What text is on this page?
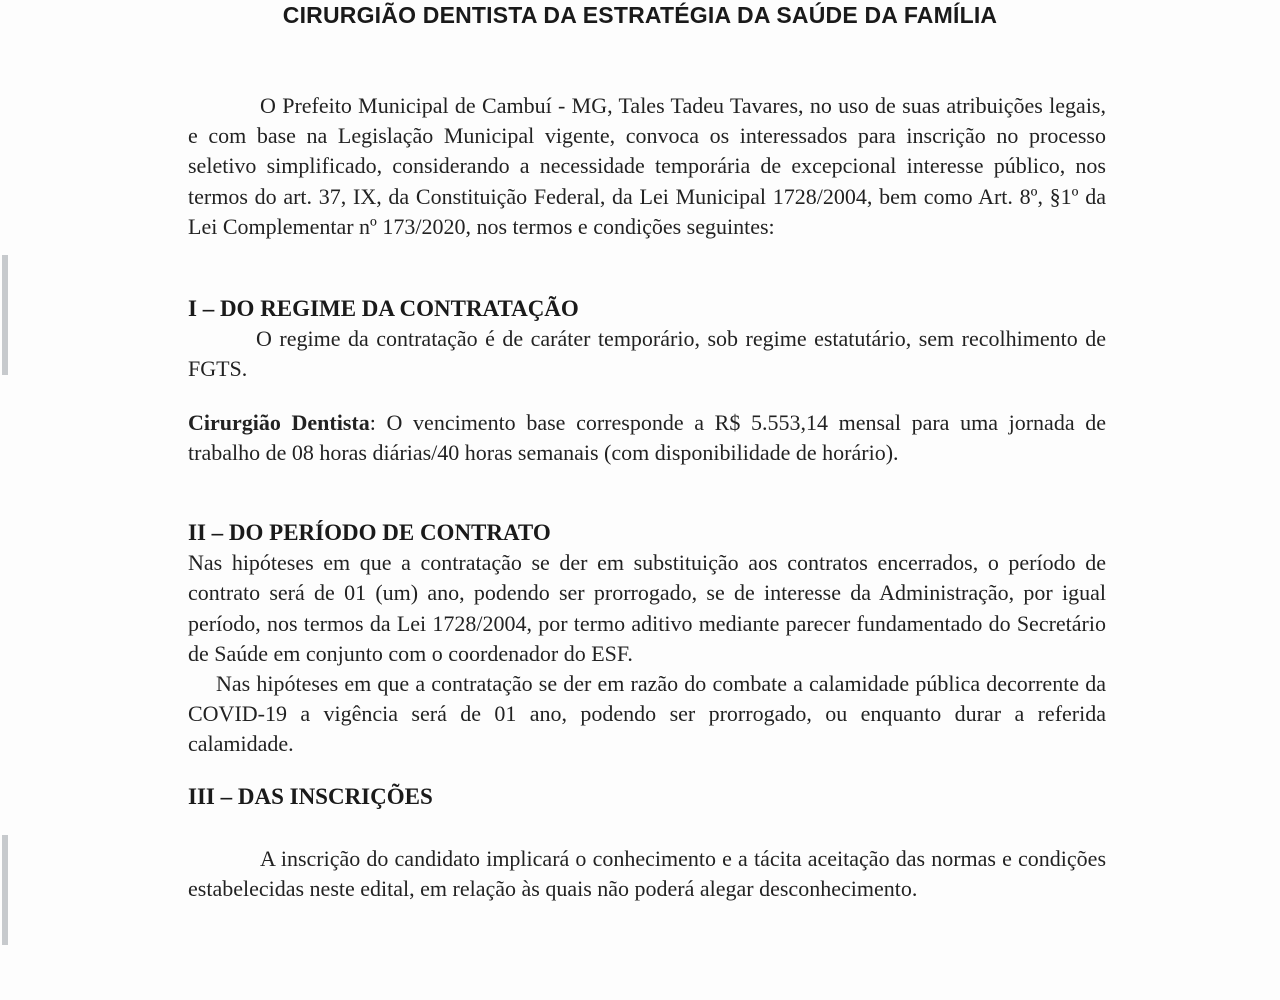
CIRURGIÃO DENTISTA DA ESTRATÉGIA DA SAÚDE DA FAMÍLIA

O Prefeito Municipal de Cambuí - MG, Tales Tadeu Tavares, no uso de suas atribuições legais, e com base na Legislação Municipal vigente, convoca os interessados para inscrição no processo seletivo simplificado, considerando a necessidade temporária de excepcional interesse público, nos termos do art. 37, IX, da Constituição Federal, da Lei Municipal 1728/2004, bem como Art. 8º, §1º da Lei Complementar nº 173/2020, nos termos e condições seguintes:

I – DO REGIME DA CONTRATAÇÃO

O regime da contratação é de caráter temporário, sob regime estatutário, sem recolhimento de FGTS.

Cirurgião Dentista: O vencimento base corresponde a R$ 5.553,14 mensal para uma jornada de trabalho de 08 horas diárias/40 horas semanais (com disponibilidade de horário).

II – DO PERÍODO DE CONTRATO

Nas hipóteses em que a contratação se der em substituição aos contratos encerrados, o período de contrato será de 01 (um) ano, podendo ser prorrogado, se de interesse da Administração, por igual período, nos termos da Lei 1728/2004, por termo aditivo mediante parecer fundamentado do Secretário de Saúde em conjunto com o coordenador do ESF.

Nas hipóteses em que a contratação se der em razão do combate a calamidade pública decorrente da COVID-19 a vigência será de 01 ano, podendo ser prorrogado, ou enquanto durar a referida calamidade.

III – DAS INSCRIÇÕES

A inscrição do candidato implicará o conhecimento e a tácita aceitação das normas e condições estabelecidas neste edital, em relação às quais não poderá alegar desconhecimento.
